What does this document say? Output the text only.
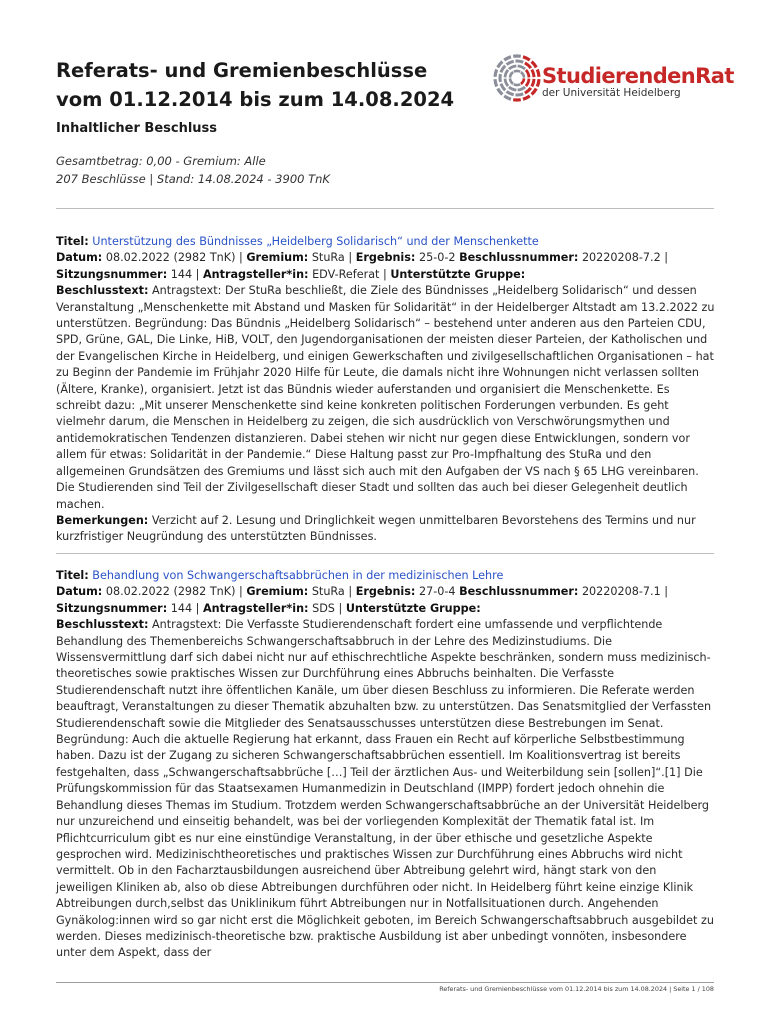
Referats- und Gremienbeschlüsse vom 01.12.2014 bis zum 14.08.2024
StudierendenRat
der Universität Heidelberg
Inhaltlicher Beschluss
Gesamtbetrag: 0,00 - Gremium: Alle
207 Beschlüsse | Stand: 14.08.2024 - 3900 TnK

Titel: Unterstützung des Bündnisses „Heidelberg Solidarisch“ und der Menschenkette

Datum: 08.02.2022 (2982 TnK) | Gremium: StuRa | Ergebnis: 25-0-2 Beschlussnummer: 20220208-7.2 |

Sitzungsnummer: 144 | Antragsteller*in: EDV-Referat | Unterstützte Gruppe:

Beschlusstext: Antragstext: Der StuRa beschließt, die Ziele des Bündnisses „Heidelberg Solidarisch“ und dessen Veranstaltung „Menschenkette mit Abstand und Masken für Solidarität“ in der Heidelberger Altstadt am 13.2.2022 zu unterstützen. Begründung: Das Bündnis „Heidelberg Solidarisch“ – bestehend unter anderen aus den Parteien CDU, SPD, Grüne, GAL, Die Linke, HiB, VOLT, den Jugendorganisationen der meisten dieser Parteien, der Katholischen und der Evangelischen Kirche in Heidelberg, und einigen Gewerkschaften und zivilgesellschaftlichen Organisationen – hat zu Beginn der Pandemie im Frühjahr 2020 Hilfe für Leute, die damals nicht ihre Wohnungen nicht verlassen sollten (Ältere, Kranke), organisiert. Jetzt ist das Bündnis wieder auferstanden und organisiert die Menschenkette. Es schreibt dazu: „Mit unserer Menschenkette sind keine konkreten politischen Forderungen verbunden. Es geht vielmehr darum, die Menschen in Heidelberg zu zeigen, die sich ausdrücklich von Verschwörungsmythen und antidemokratischen Tendenzen distanzieren. Dabei stehen wir nicht nur gegen diese Entwicklungen, sondern vor allem für etwas: Solidarität in der Pandemie.“ Diese Haltung passt zur Pro-Impfhaltung des StuRa und den allgemeinen Grundsätzen des Gremiums und lässt sich auch mit den Aufgaben der VS nach § 65 LHG vereinbaren. Die Studierenden sind Teil der Zivilgesellschaft dieser Stadt und sollten das auch bei dieser Gelegenheit deutlich machen.

Bemerkungen: Verzicht auf 2. Lesung und Dringlichkeit wegen unmittelbaren Bevorstehens des Termins und nur kurzfristiger Neugründung des unterstützten Bündnisses.

Titel: Behandlung von Schwangerschaftsabbrüchen in der medizinischen Lehre

Datum: 08.02.2022 (2982 TnK) | Gremium: StuRa | Ergebnis: 27-0-4 Beschlussnummer: 20220208-7.1 |

Sitzungsnummer: 144 | Antragsteller*in: SDS | Unterstützte Gruppe:

Beschlusstext: Antragstext: Die Verfasste Studierendenschaft fordert eine umfassende und verpflichtende Behandlung des Themenbereichs Schwangerschaftsabbruch in der Lehre des Medizinstudiums. Die Wissensvermittlung darf sich dabei nicht nur auf ethischrechtliche Aspekte beschränken, sondern muss medizinisch-theoretisches sowie praktisches Wissen zur Durchführung eines Abbruchs beinhalten. Die Verfasste Studierendenschaft nutzt ihre öffentlichen Kanäle, um über diesen Beschluss zu informieren. Die Referate werden beauftragt, Veranstaltungen zu dieser Thematik abzuhalten bzw. zu unterstützen. Das Senatsmitglied der Verfassten Studierendenschaft sowie die Mitglieder des Senatsausschusses unterstützen diese Bestrebungen im Senat. Begründung: Auch die aktuelle Regierung hat erkannt, dass Frauen ein Recht auf körperliche Selbstbestimmung haben. Dazu ist der Zugang zu sicheren Schwangerschaftsabbrüchen essentiell. Im Koalitionsvertrag ist bereits festgehalten, dass „Schwangerschaftsabbrüche […] Teil der ärztlichen Aus- und Weiterbildung sein [sollen]“.[1] Die Prüfungskommission für das Staatsexamen Humanmedizin in Deutschland (IMPP) fordert jedoch ohnehin die Behandlung dieses Themas im Studium. Trotzdem werden Schwangerschaftsabbrüche an der Universität Heidelberg nur unzureichend und einseitig behandelt, was bei der vorliegenden Komplexität der Thematik fatal ist. Im Pflichtcurriculum gibt es nur eine einstündige Veranstaltung, in der über ethische und gesetzliche Aspekte gesprochen wird. Medizinischtheoretisches und praktisches Wissen zur Durchführung eines Abbruchs wird nicht vermittelt. Ob in den Facharztausbildungen ausreichend über Abtreibung gelehrt wird, hängt stark von den jeweiligen Kliniken ab, also ob diese Abtreibungen durchführen oder nicht. In Heidelberg führt keine einzige Klinik Abtreibungen durch,selbst das Uniklinikum führt Abtreibungen nur in Notfallsituationen durch. Angehenden Gynäkolog:innen wird so gar nicht erst die Möglichkeit geboten, im Bereich Schwangerschaftsabbruch ausgebildet zu werden. Dieses medizinisch-theoretische bzw. praktische Ausbildung ist aber unbedingt vonnöten, insbesondere unter dem Aspekt, dass der

Referats- und Gremienbeschlüsse vom 01.12.2014 bis zum 14.08.2024 | Seite 1 / 108
